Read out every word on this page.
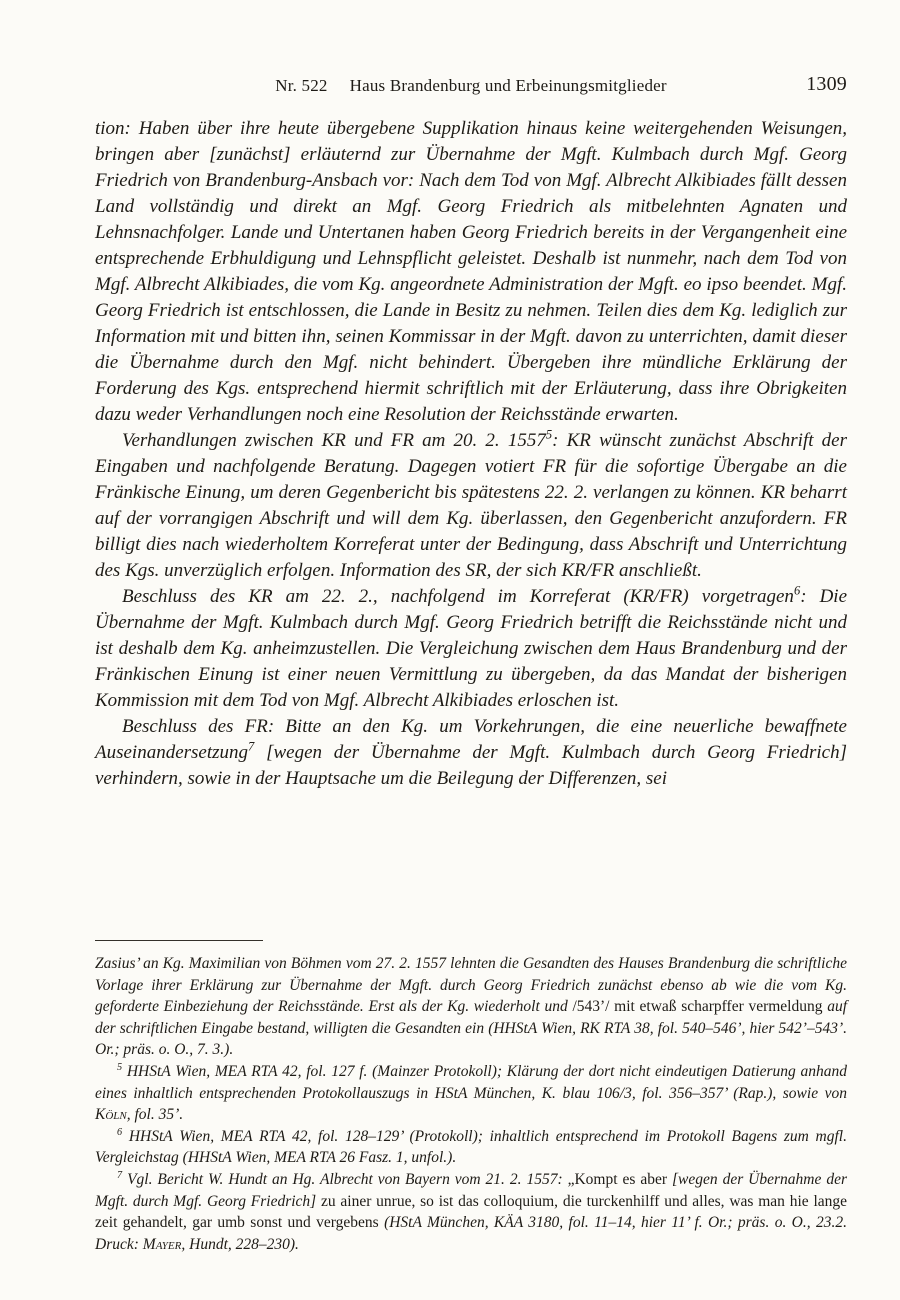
Nr. 522 Haus Brandenburg und Erbeinungsmitglieder	1309

tion: Haben über ihre heute übergebene Supplikation hinaus keine weitergehenden Weisungen, bringen aber [zunächst] erläuternd zur Übernahme der Mgft. Kulmbach durch Mgf. Georg Friedrich von Brandenburg-Ansbach vor: Nach dem Tod von Mgf. Albrecht Alkibiades fällt dessen Land vollständig und direkt an Mgf. Georg Friedrich als mitbelehnten Agnaten und Lehnsnachfolger. Lande und Untertanen haben Georg Friedrich bereits in der Vergangenheit eine entsprechende Erbhuldigung und Lehnspflicht geleistet. Deshalb ist nunmehr, nach dem Tod von Mgf. Albrecht Alkibiades, die vom Kg. angeordnete Administration der Mgft. eo ipso beendet. Mgf. Georg Friedrich ist entschlossen, die Lande in Besitz zu nehmen. Teilen dies dem Kg. lediglich zur Information mit und bitten ihn, seinen Kommissar in der Mgft. davon zu unterrichten, damit dieser die Übernahme durch den Mgf. nicht behindert. Übergeben ihre mündliche Erklärung der Forderung des Kgs. entsprechend hiermit schriftlich mit der Erläuterung, dass ihre Obrigkeiten dazu weder Verhandlungen noch eine Resolution der Reichsstände erwarten.

Verhandlungen zwischen KR und FR am 20. 2. 1557$^5$: KR wünscht zunächst Abschrift der Eingaben und nachfolgende Beratung. Dagegen votiert FR für die sofortige Übergabe an die Fränkische Einung, um deren Gegenbericht bis spätestens 22. 2. verlangen zu können. KR beharrt auf der vorrangigen Abschrift und will dem Kg. überlassen, den Gegenbericht anzufordern. FR billigt dies nach wiederholtem Korreferat unter der Bedingung, dass Abschrift und Unterrichtung des Kgs. unverzüglich erfolgen. Information des SR, der sich KR/FR anschließt.

Beschluss des KR am 22. 2., nachfolgend im Korreferat (KR/FR) vorgetragen$^6$: Die Übernahme der Mgft. Kulmbach durch Mgf. Georg Friedrich betrifft die Reichsstände nicht und ist deshalb dem Kg. anheimzustellen. Die Vergleichung zwischen dem Haus Brandenburg und der Fränkischen Einung ist einer neuen Vermittlung zu übergeben, da das Mandat der bisherigen Kommission mit dem Tod von Mgf. Albrecht Alkibiades erloschen ist.

Beschluss des FR: Bitte an den Kg. um Vorkehrungen, die eine neuerliche bewaffnete Auseinandersetzung$^7$ [wegen der Übernahme der Mgft. Kulmbach durch Georg Friedrich] verhindern, sowie in der Hauptsache um die Beilegung der Differenzen, sei

Zasius’ an Kg. Maximilian von Böhmen vom 27. 2. 1557 lehnten die Gesandten des Hauses Brandenburg die schriftliche Vorlage ihrer Erklärung zur Übernahme der Mgft. durch Georg Friedrich zunächst ebenso ab wie die vom Kg. geforderte Einbeziehung der Reichsstände. Erst als der Kg. wiederholt und /543’/ mit etwaß scharpffer vermeldung auf der schriftlichen Eingabe bestand, willigten die Gesandten ein (HHStA Wien, RK RTA 38, fol. 540–546’, hier 542’–543’. Or.; präs. o. O., 7. 3.).

$^5$ HHStA Wien, MEA RTA 42, fol. 127 f. (Mainzer Protokoll); Klärung der dort nicht eindeutigen Datierung anhand eines inhaltlich entsprechenden Protokollauszugs in HStA München, K. blau 106/3, fol. 356–357’ (Rap.), sowie von Köln, fol. 35’.

$^6$ HHStA Wien, MEA RTA 42, fol. 128–129’ (Protokoll); inhaltlich entsprechend im Protokoll Bagens zum mgfl. Vergleichstag (HHStA Wien, MEA RTA 26 Fasz. 1, unfol.).

$^7$ Vgl. Bericht W. Hundt an Hg. Albrecht von Bayern vom 21. 2. 1557: „Kompt es aber [wegen der Übernahme der Mgft. durch Mgf. Georg Friedrich] zu ainer unrue, so ist das colloquium, die turckenhilff und alles, was man hie lange zeit gehandelt, gar umb sonst und vergebens (HStA München, KÄA 3180, fol. 11–14, hier 11’ f. Or.; präs. o. O., 23.2. Druck: Mayer, Hundt, 228–230).
